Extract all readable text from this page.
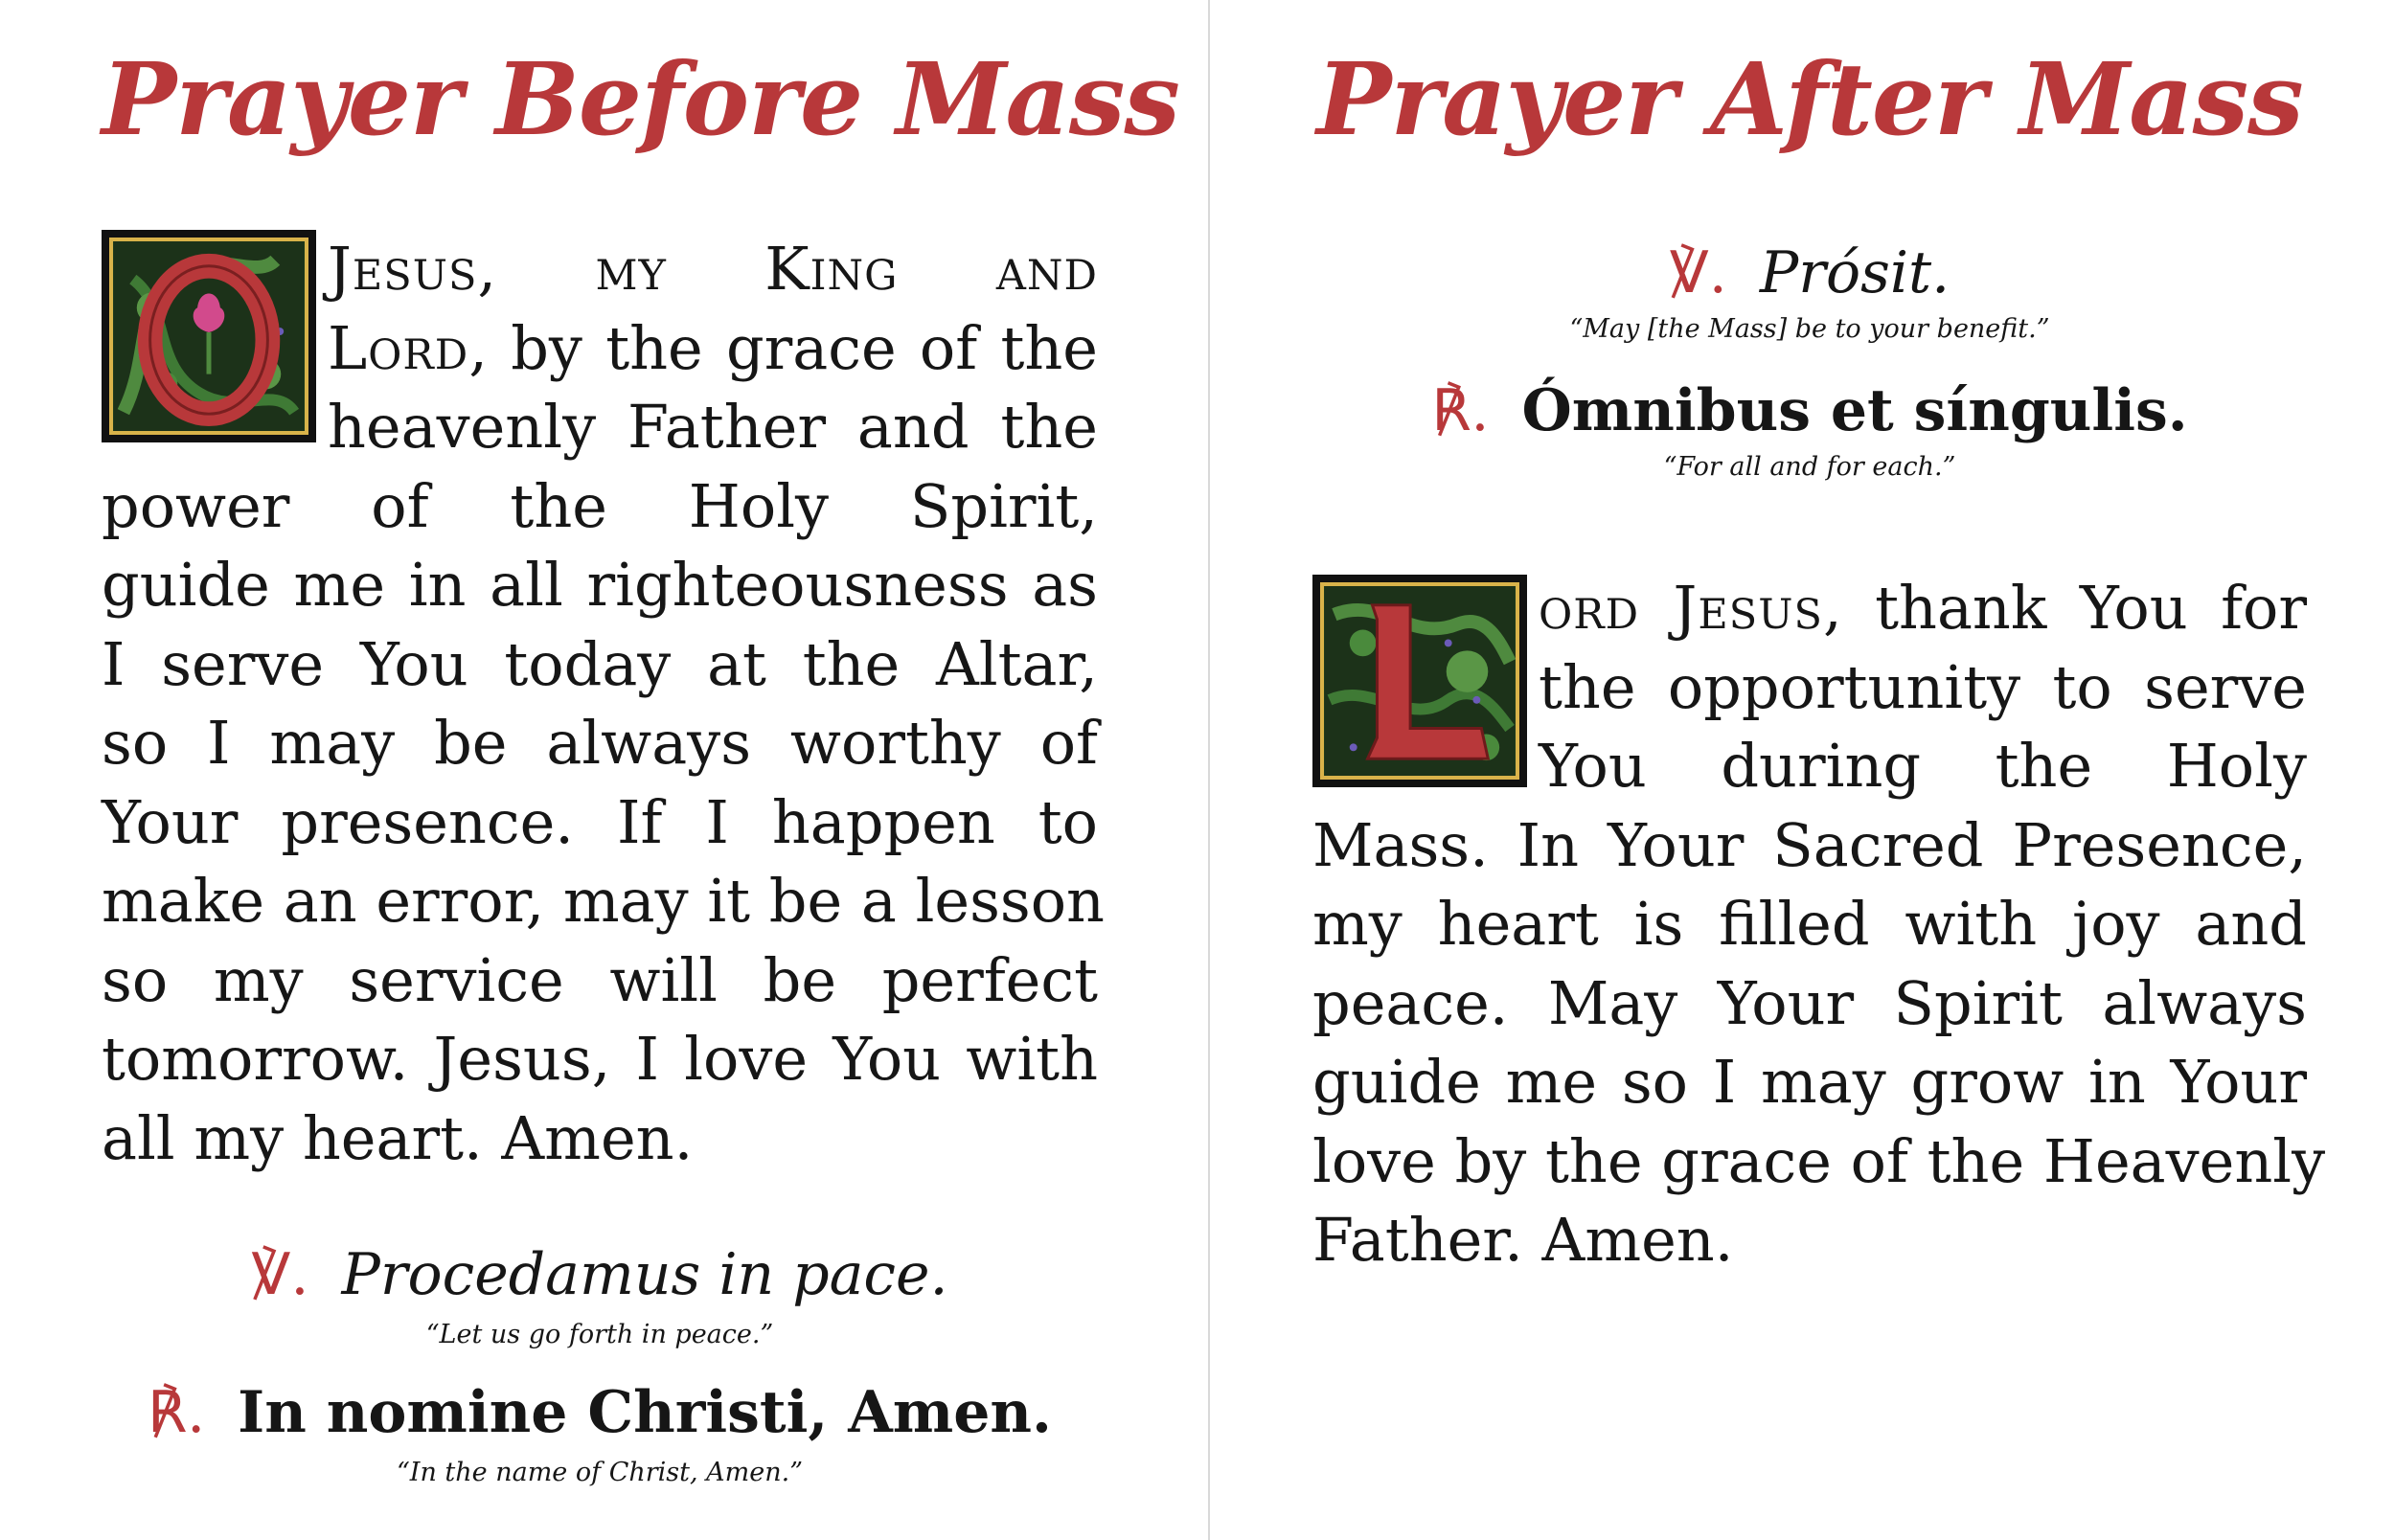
Prayer Before Mass
Jesus, my King and
Lord, by the grace of the
heavenly Father and the
power of the Holy Spirit,
guide me in all righteousness as
I serve You today at the Altar,
so I may be always worthy of
Your presence. If I happen to
make an error, may it be a lesson
so my service will be perfect
tomorrow. Jesus, I love You with
all my heart. Amen.
℣. Procedamus in pace.
“Let us go forth in peace.”
℟. In nomine Christi, Amen.
“In the name of Christ, Amen.”
Prayer After Mass
℣. Prósit.
“May [the Mass] be to your benefit.”
℟. Ómnibus et síngulis.
“For all and for each.”
ord Jesus, thank You for
the opportunity to serve
You during the Holy
Mass. In Your Sacred Presence,
my heart is filled with joy and
peace. May Your Spirit always
guide me so I may grow in Your
love by the grace of the Heavenly
Father. Amen.
